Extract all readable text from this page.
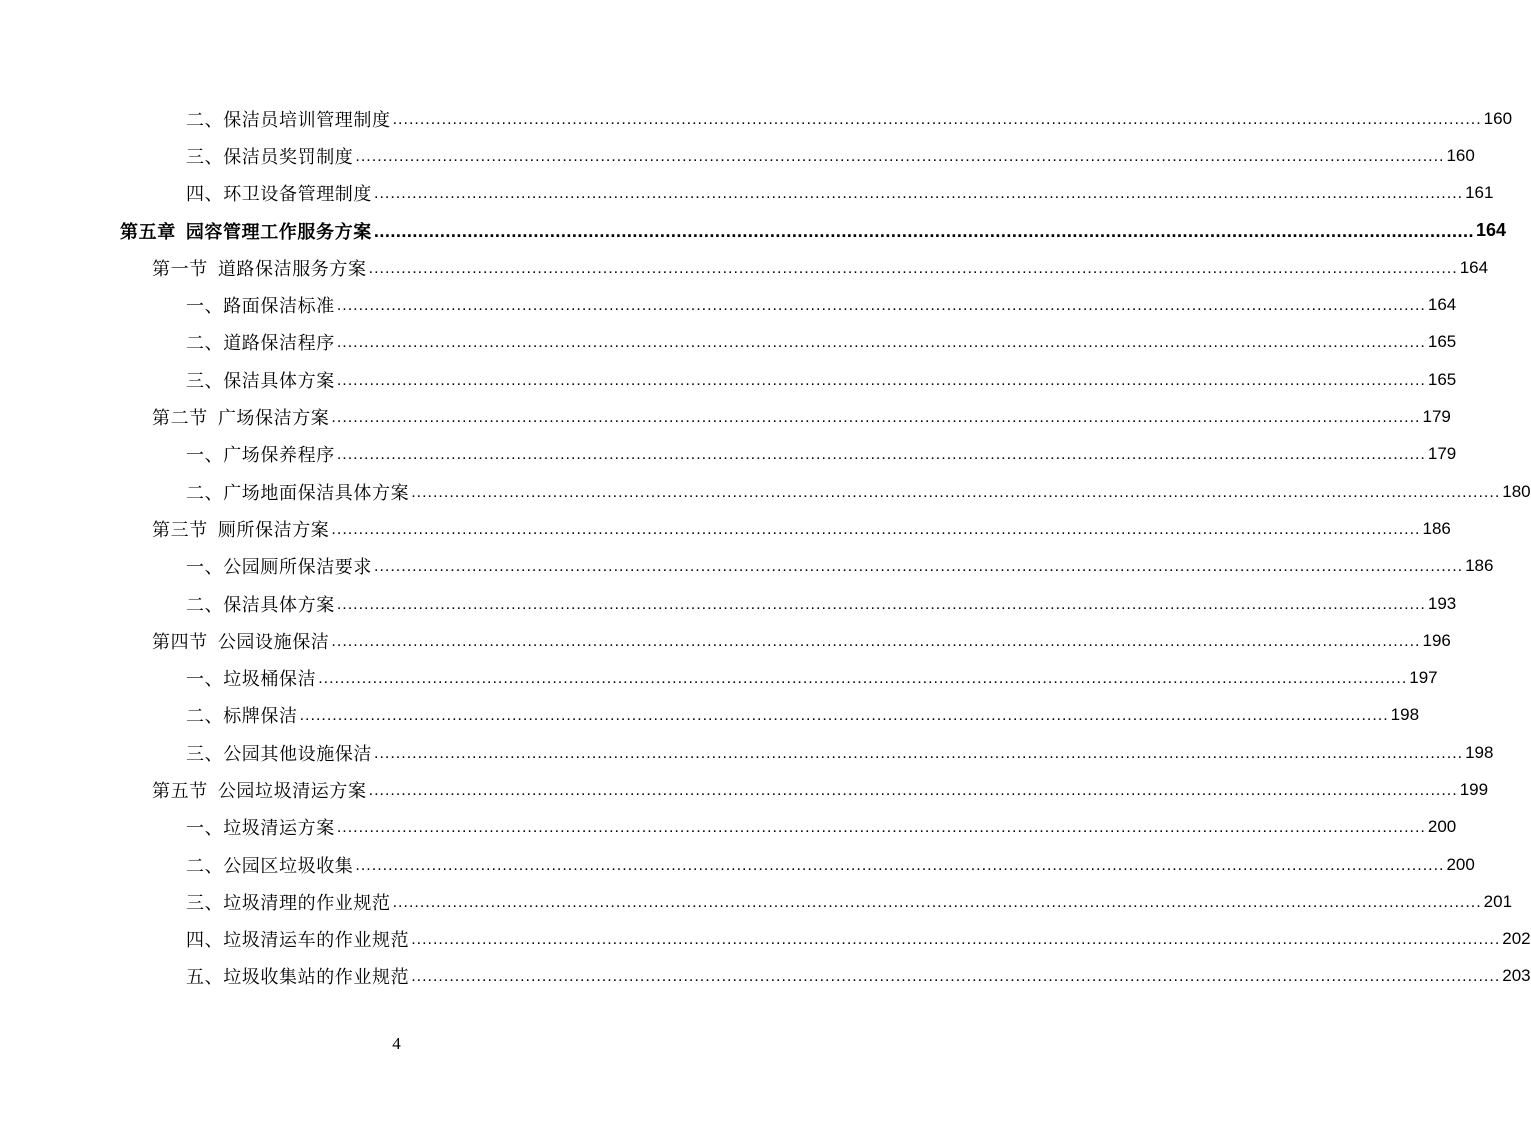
二、保洁员培训管理制度 ........................................................................................................................................................................................................ 160
三、保洁员奖罚制度 ........................................................................................................................................................................................................ 160
四、环卫设备管理制度 ........................................................................................................................................................................................................ 161
第五章 园容管理工作服务方案 ........................................................................................................................................................................................................ 164
第一节 道路保洁服务方案 ........................................................................................................................................................................................................ 164
一、路面保洁标准 ........................................................................................................................................................................................................ 164
二、道路保洁程序 ........................................................................................................................................................................................................ 165
三、保洁具体方案 ........................................................................................................................................................................................................ 165
第二节 广场保洁方案 ........................................................................................................................................................................................................ 179
一、广场保养程序 ........................................................................................................................................................................................................ 179
二、广场地面保洁具体方案 ........................................................................................................................................................................................................ 180
第三节 厕所保洁方案 ........................................................................................................................................................................................................ 186
一、公园厕所保洁要求 ........................................................................................................................................................................................................ 186
二、保洁具体方案 ........................................................................................................................................................................................................ 193
第四节 公园设施保洁 ........................................................................................................................................................................................................ 196
一、垃圾桶保洁 ........................................................................................................................................................................................................ 197
二、标牌保洁 ........................................................................................................................................................................................................ 198
三、公园其他设施保洁 ........................................................................................................................................................................................................ 198
第五节 公园垃圾清运方案 ........................................................................................................................................................................................................ 199
一、垃圾清运方案 ........................................................................................................................................................................................................ 200
二、公园区垃圾收集 ........................................................................................................................................................................................................ 200
三、垃圾清理的作业规范 ........................................................................................................................................................................................................ 201
四、垃圾清运车的作业规范 ........................................................................................................................................................................................................ 202
五、垃圾收集站的作业规范 ........................................................................................................................................................................................................ 203
4
